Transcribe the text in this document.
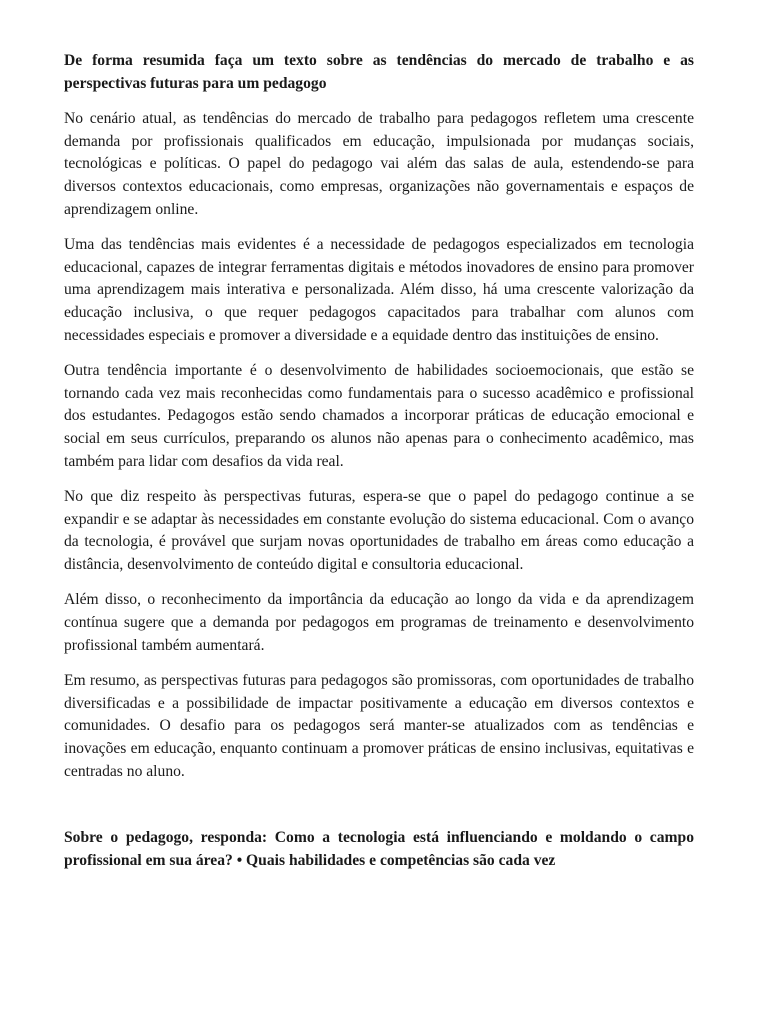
De forma resumida faça um texto sobre as tendências do mercado de trabalho e as perspectivas futuras para um pedagogo

No cenário atual, as tendências do mercado de trabalho para pedagogos refletem uma crescente demanda por profissionais qualificados em educação, impulsionada por mudanças sociais, tecnológicas e políticas. O papel do pedagogo vai além das salas de aula, estendendo-se para diversos contextos educacionais, como empresas, organizações não governamentais e espaços de aprendizagem online.

Uma das tendências mais evidentes é a necessidade de pedagogos especializados em tecnologia educacional, capazes de integrar ferramentas digitais e métodos inovadores de ensino para promover uma aprendizagem mais interativa e personalizada. Além disso, há uma crescente valorização da educação inclusiva, o que requer pedagogos capacitados para trabalhar com alunos com necessidades especiais e promover a diversidade e a equidade dentro das instituições de ensino.

Outra tendência importante é o desenvolvimento de habilidades socioemocionais, que estão se tornando cada vez mais reconhecidas como fundamentais para o sucesso acadêmico e profissional dos estudantes. Pedagogos estão sendo chamados a incorporar práticas de educação emocional e social em seus currículos, preparando os alunos não apenas para o conhecimento acadêmico, mas também para lidar com desafios da vida real.

No que diz respeito às perspectivas futuras, espera-se que o papel do pedagogo continue a se expandir e se adaptar às necessidades em constante evolução do sistema educacional. Com o avanço da tecnologia, é provável que surjam novas oportunidades de trabalho em áreas como educação a distância, desenvolvimento de conteúdo digital e consultoria educacional.

Além disso, o reconhecimento da importância da educação ao longo da vida e da aprendizagem contínua sugere que a demanda por pedagogos em programas de treinamento e desenvolvimento profissional também aumentará.

Em resumo, as perspectivas futuras para pedagogos são promissoras, com oportunidades de trabalho diversificadas e a possibilidade de impactar positivamente a educação em diversos contextos e comunidades. O desafio para os pedagogos será manter-se atualizados com as tendências e inovações em educação, enquanto continuam a promover práticas de ensino inclusivas, equitativas e centradas no aluno.

Sobre o pedagogo, responda: Como a tecnologia está influenciando e moldando o campo profissional em sua área? • Quais habilidades e competências são cada vez
